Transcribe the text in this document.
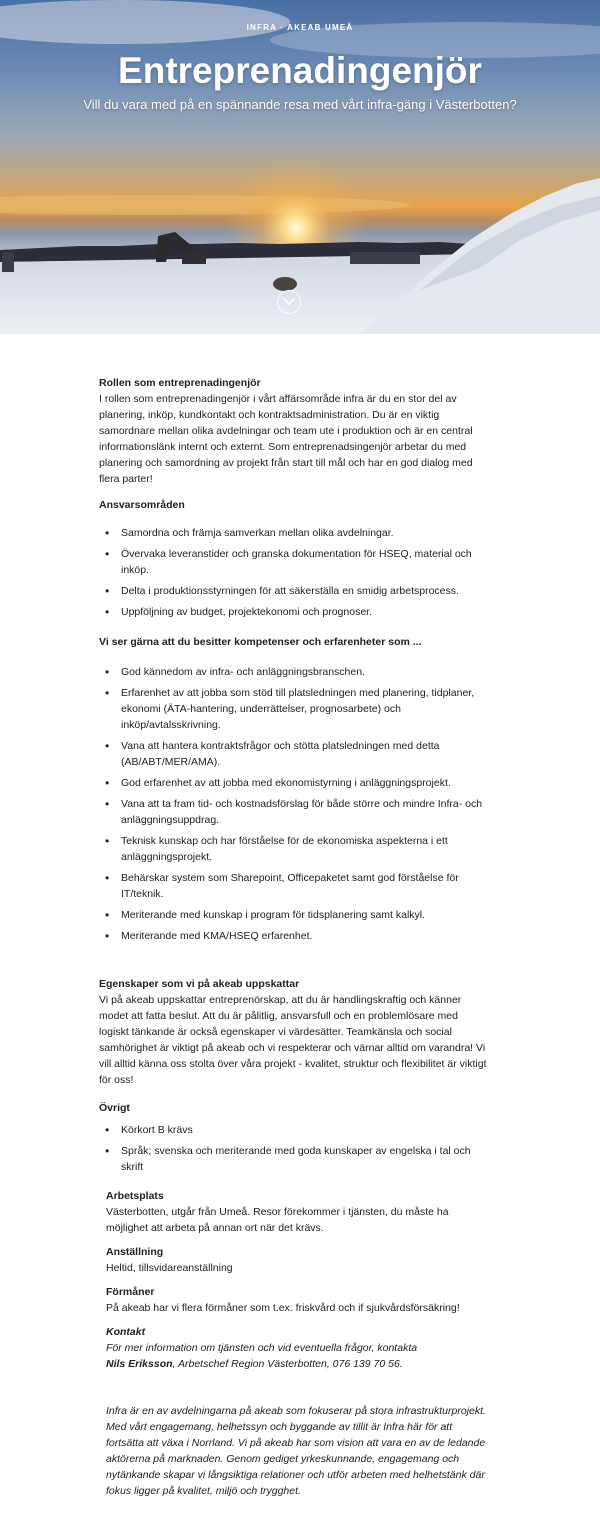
INFRA · AKEAB UMEÅ
Entreprenadingenjör

Vill du vara med på en spännande resa med vårt infra-gäng i Västerbotten?

Rollen som entreprenadingenjör

I rollen som entreprenadingenjör i vårt affärsområde infra är du en stor del av planering, inköp, kundkontakt och kontraktsadministration. Du är en viktig samordnare mellan olika avdelningar och team ute i produktion och är en central informationslänk internt och externt. Som entreprenadsingenjör arbetar du med planering och samordning av projekt från start till mål och har en god dialog med flera parter!

Ansvarsområden
• Samordna och främja samverkan mellan olika avdelningar.
• Övervaka leveranstider och granska dokumentation för HSEQ, material och inköp.
• Delta i produktionsstyrningen för att säkerställa en smidig arbetsprocess.
• Uppföljning av budget, projektekonomi och prognoser.
Vi ser gärna att du besitter kompetenser och erfarenheter som ...
• God kännedom av infra- och anläggningsbranschen.
• Erfarenhet av att jobba som stöd till platsledningen med planering, tidplaner, ekonomi (ÄTA-hantering, underrättelser, prognosarbete) och inköp/avtalsskrivning.
• Vana att hantera kontraktsfrågor och stötta platsledningen med detta (AB/ABT/MER/AMA).
• God erfarenhet av att jobba med ekonomistyrning i anläggningsprojekt.
• Vana att ta fram tid- och kostnadsförslag för både större och mindre Infra- och anläggningsuppdrag.
• Teknisk kunskap och har förståelse för de ekonomiska aspekterna i ett anläggningsprojekt.
• Behärskar system som Sharepoint, Officepaketet samt god förståelse för IT/teknik.
• Meriterande med kunskap i program för tidsplanering samt kalkyl.
• Meriterande med KMA/HSEQ erfarenhet.
Egenskaper som vi på akeab uppskattar

Vi på akeab uppskattar entreprenörskap, att du är handlingskraftig och känner modet att fatta beslut. Att du är pålitlig, ansvarsfull och en problemlösare med logiskt tänkande är också egenskaper vi värdesätter. Teamkänsla och social samhörighet är viktigt på akeab och vi respekterar och värnar alltid om varandra! Vi vill alltid känna oss stolta över våra projekt - kvalitet, struktur och flexibilitet är viktigt för oss!

Övrigt
• Körkort B krävs
• Språk; svenska och meriterande med goda kunskaper av engelska i tal och skrift
Arbetsplats

Västerbotten, utgår från Umeå. Resor förekommer i tjänsten, du måste ha möjlighet att arbeta på annan ort när det krävs.

Anställning

Heltid, tillsvidareanställning

Förmåner

På akeab har vi flera förmåner som t.ex. friskvård och if sjukvårdsförsäkring!

Kontakt

För mer information om tjänsten och vid eventuella frågor, kontakta

Nils Eriksson, Arbetschef Region Västerbotten, 076 139 70 56.

Infra är en av avdelningarna på akeab som fokuserar på stora infrastrukturprojekt. Med vårt engagemang, helhetssyn och byggande av tillit är Infra här för att fortsätta att växa i Norrland. Vi på akeab har som vision att vara en av de ledande aktörerna på marknaden. Genom gediget yrkeskunnande, engagemang och nytänkande skapar vi långsiktiga relationer och utför arbeten med helhetstänk där fokus ligger på kvalitet, miljö och trygghet.
